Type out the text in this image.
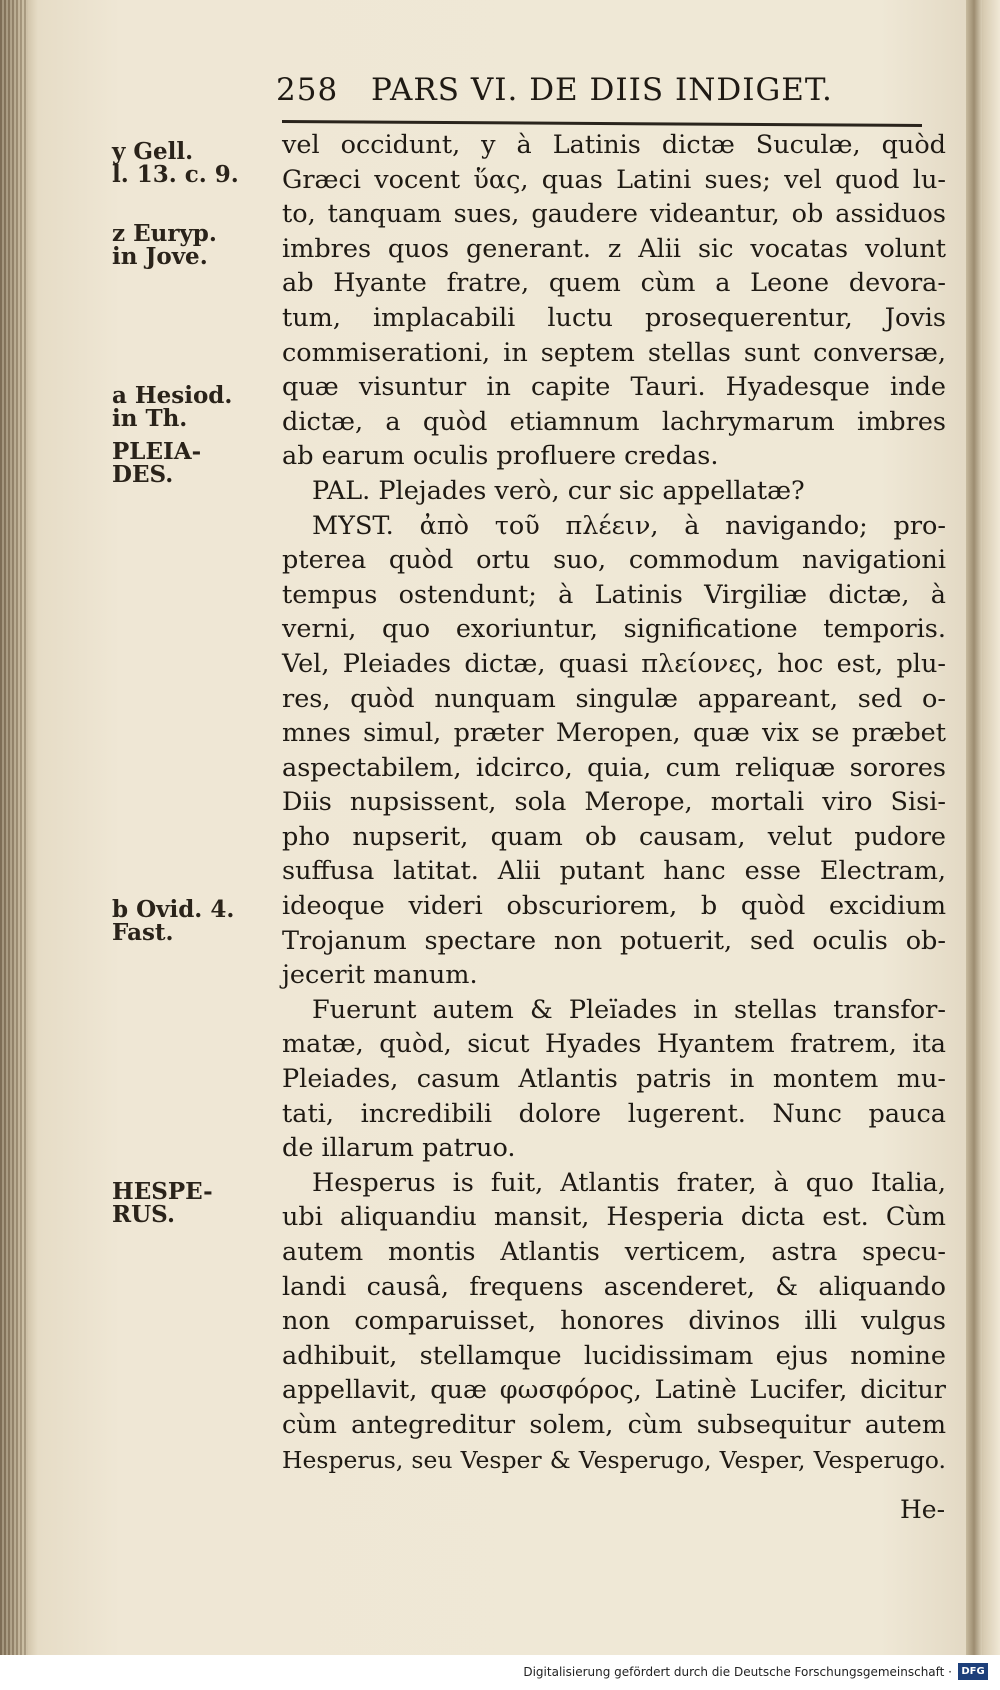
258 PARS VI. DE DIIS INDIGET.
y Gell.
l. 13. c. 9.
z Euryp.
in Jove.
a Hesiod.
in Th.
PLEIA-
DES.
b Ovid. 4.
Fast.
HESPE-
RUS.
vel occidunt, y à Latinis dictæ Suculæ, quòd
Græci vocent ὕας, quas Latini sues; vel quod lu-
to, tanquam sues, gaudere videantur, ob assiduos
imbres quos generant. z Alii sic vocatas volunt
ab Hyante fratre, quem cùm a Leone devora-
tum, implacabili luctu prosequerentur, Jovis
commiserationi, in septem stellas sunt conversæ,
quæ visuntur in capite Tauri. Hyadesque inde
dictæ, a quòd etiamnum lachrymarum imbres
ab earum oculis profluere credas.
PAL. Plejades verò, cur sic appellatæ?
MYST. ἀπὸ τοῦ πλέειν, à navigando; pro-
pterea quòd ortu suo, commodum navigationi
tempus ostendunt; à Latinis Virgiliæ dictæ, à
verni, quo exoriuntur, significatione temporis.
Vel, Pleiades dictæ, quasi πλείονες, hoc est, plu-
res, quòd nunquam singulæ appareant, sed o-
mnes simul, præter Meropen, quæ vix se præbet
aspectabilem, idcirco, quia, cum reliquæ sorores
Diis nupsissent, sola Merope, mortali viro Sisi-
pho nupserit, quam ob causam, velut pudore
suffusa latitat. Alii putant hanc esse Electram,
ideoque videri obscuriorem, b quòd excidium
Trojanum spectare non potuerit, sed oculis ob-
jecerit manum.
Fuerunt autem & Pleïades in stellas transfor-
matæ, quòd, sicut Hyades Hyantem fratrem, ita
Pleiades, casum Atlantis patris in montem mu-
tati, incredibili dolore lugerent. Nunc pauca
de illarum patruo.
Hesperus is fuit, Atlantis frater, à quo Italia,
ubi aliquandiu mansit, Hesperia dicta est. Cùm
autem montis Atlantis verticem, astra specu-
landi causâ, frequens ascenderet, & aliquando
non comparuisset, honores divinos illi vulgus
adhibuit, stellamque lucidissimam ejus nomine
appellavit, quæ φωσφόρος, Latinè Lucifer, dicitur
cùm antegreditur solem, cùm subsequitur autem
Hesperus, seu Vesper & Vesperugo, Vesper, Vesperugo.
He-
Digitalisierung gefördert durch die Deutsche Forschungsgemeinschaft · DFG
